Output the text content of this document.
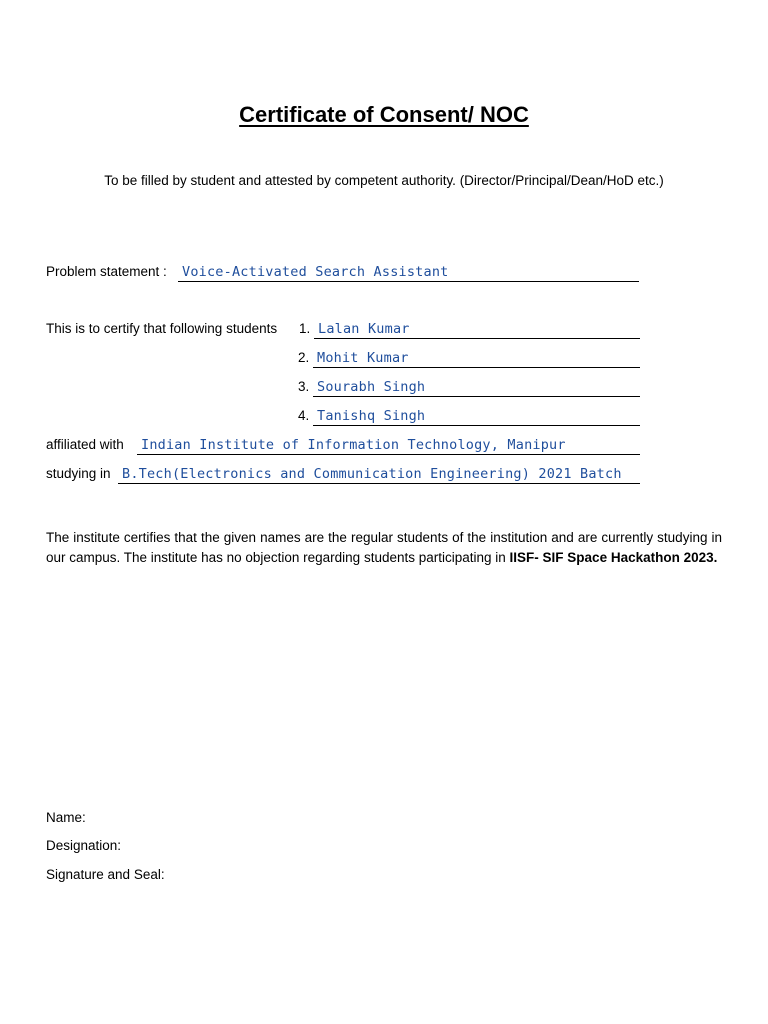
Certificate of Consent/ NOC
To be filled by student and attested by competent authority. (Director/Principal/Dean/HoD etc.)
Problem statement : Voice-Activated Search Assistant
This is to certify that following students 1. Lalan Kumar
2. Mohit Kumar
3. Sourabh Singh
4. Tanishq Singh
affiliated with Indian Institute of Information Technology, Manipur
studying in B.Tech(Electronics and Communication Engineering) 2021 Batch
The institute certifies that the given names are the regular students of the institution and are currently studying in our campus. The institute has no objection regarding students participating in IISF- SIF Space Hackathon 2023.
Name:
Designation:
Signature and Seal:
